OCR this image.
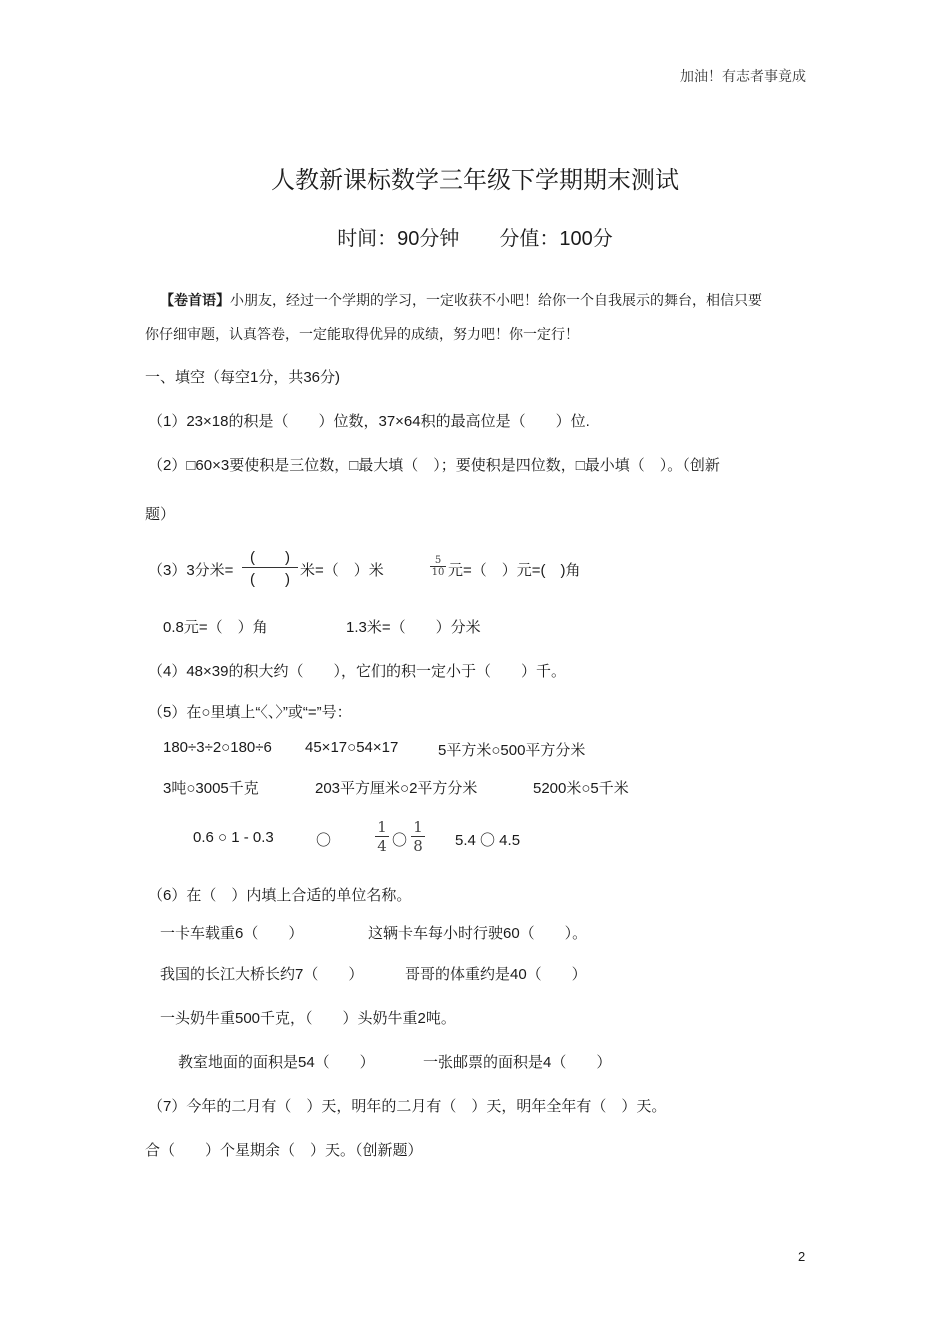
加油！有志者事竟成
人教新课标数学三年级下学期期末测试
时间：90分钟　　分值：100分
【卷首语】小朋友，经过一个学期的学习，一定收获不小吧！给你一个自我展示的舞台，相信只要
你仔细审题，认真答卷，一定能取得优异的成绩，努力吧！你一定行！
一、填空（每空1分，共36分)
（1）23×18的积是（　　）位数，37×64积的最高位是（　　）位.
（2）□60×3要使积是三位数，□最大填（　）；要使积是四位数，□最小填（　）。（创新
题）
（3）3分米=
(　　)
(　　)
米=（　）米
5
10 元=（　）元=(　)角
0.8元=（　）角	1.3米=（　　）分米
（4）48×39的积大约（　　），它们的积一定小于（　　）千。
（5）在○里填上“〈、〉”或“=”号：
180÷3÷2○180÷6 45×17○54×17	5平方米○500平方分米
3吨○3005千克	203平方厘米○2平方分米	5200米○5千米
0.6 ○ 1 - 0.3	〇
1
4 〇
1
8 5.4 〇 4.5
（6）在（　）内填上合适的单位名称。
一卡车载重6（　　）	这辆卡车每小时行驶60（　　）。
我国的长江大桥长约7（　　）	哥哥的体重约是40（　　）
一头奶牛重500千克，（　　）头奶牛重2吨。
教室地面的面积是54（　　）	一张邮票的面积是4（　　）
（7）今年的二月有（　）天，明年的二月有（　）天，明年全年有（　）天。
合（　　）个星期余（　）天。（创新题）
2
